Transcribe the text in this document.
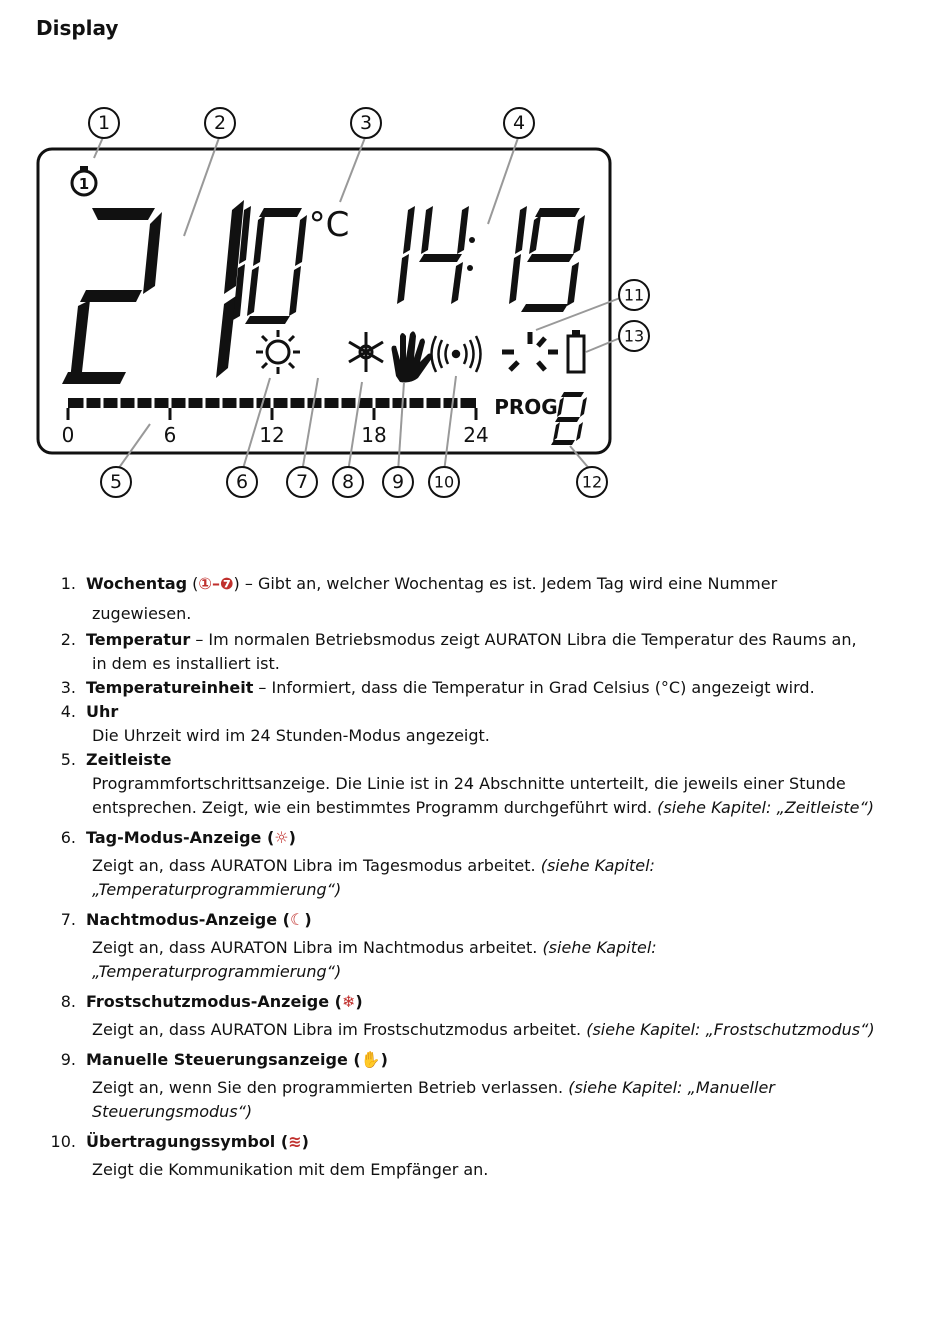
Display
1
°C
PROG
0	6	12	18	24
1	2	3	4
5	6	7 8 9 10
11
12
13
1. Wochentag (①–❼) – Gibt an, welcher Wochentag es ist. Jedem Tag wird eine Nummer
zugewiesen.
2. Temperatur – Im normalen Betriebsmodus zeigt AURATON Libra die Temperatur des Raums an,
in dem es installiert ist.
3. Temperatureinheit – Informiert, dass die Temperatur in Grad Celsius (°C) angezeigt wird.
4. Uhr
Die Uhrzeit wird im 24 Stunden-Modus angezeigt.
5. Zeitleiste
Programmfortschrittsanzeige. Die Linie ist in 24 Abschnitte unterteilt, die jeweils einer Stunde entsprechen. Zeigt, wie ein bestimmtes Programm durchgeführt wird. (siehe Kapitel: „Zeitleiste“)
6. Tag-Modus-Anzeige (☼)
Zeigt an, dass AURATON Libra im Tagesmodus arbeitet. (siehe Kapitel: „Temperaturprogrammierung“)
7. Nachtmodus-Anzeige (☾)
Zeigt an, dass AURATON Libra im Nachtmodus arbeitet. (siehe Kapitel: „Temperaturprogrammierung“)
8. Frostschutzmodus-Anzeige (❄)
Zeigt an, dass AURATON Libra im Frostschutzmodus arbeitet. (siehe Kapitel: „Frostschutzmodus“)
9. Manuelle Steuerungsanzeige (✋)
Zeigt an, wenn Sie den programmierten Betrieb verlassen. (siehe Kapitel: „Manueller Steuerungsmodus“)
10. Übertragungssymbol (≋)
Zeigt die Kommunikation mit dem Empfänger an.
